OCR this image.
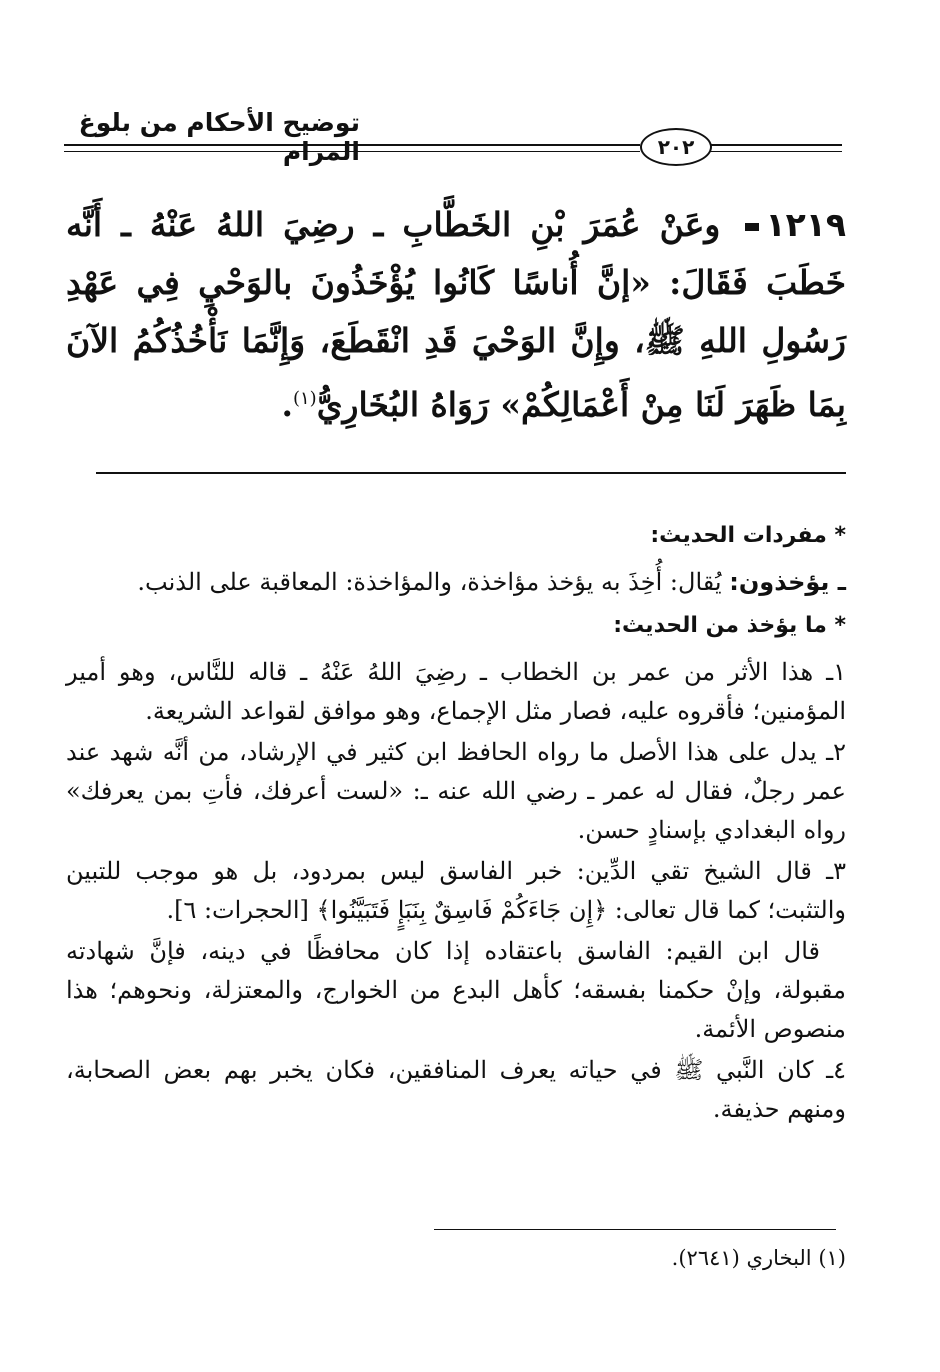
توضيح الأحكام من بلوغ المرام	٢٠٢
١٢١٩ وعَنْ عُمَرَ بْنِ الخَطَّابِ ـ رضِيَ اللهُ عَنْهُ ـ أَنَّه خَطَبَ فَقَالَ: «إنَّ أُناسًا كَانُوا يُؤْخَذُونَ بالوَحْيِ فِي عَهْدِ رَسُولِ اللهِ ﷺ، وإِنَّ الوَحْيَ قَدِ انْقَطَعَ، وَإِنَّمَا نَأْخُذُكُمُ الآنَ بِمَا ظَهَرَ لَنَا مِنْ أَعْمَالِكُمْ» رَوَاهُ البُخَارِيُّ$^{(١)}$.
* مفردات الحديث:

ـ يؤخذون: يُقال: أُخِذَ به يؤخذ مؤاخذة، والمؤاخذة: المعاقبة على الذنب.

* ما يؤخذ من الحديث:

١ـ هذا الأثر من عمر بن الخطاب ـ رضِيَ اللهُ عَنْهُ ـ قاله للنَّاس، وهو أمير المؤمنين؛ فأقروه عليه، فصار مثل الإجماع، وهو موافق لقواعد الشريعة.

٢ـ يدل على هذا الأصل ما رواه الحافظ ابن كثير في الإرشاد، من أنَّه شهد عند عمر رجلٌ، فقال له عمر ـ رضي الله عنه ـ: «لست أعرفك، فأتِ بمن يعرفك» رواه البغدادي بإسنادٍ حسن.

٣ـ قال الشيخ تقي الدِّين: خبر الفاسق ليس بمردود، بل هو موجب للتبين والتثبت؛ كما قال تعالى: ﴿إِن جَاءَكُمْ فَاسِقٌ بِنَبَإٍ فَتَبَيَّنُوا﴾ [الحجرات: ٦].

قال ابن القيم: الفاسق باعتقاده إذا كان محافظًا في دينه، فإنَّ شهادته مقبولة، وإنْ حكمنا بفسقه؛ كأهل البدع من الخوارج، والمعتزلة، ونحوهم؛ هذا منصوص الأئمة.

٤ـ كان النَّبي ﷺ في حياته يعرف المنافقين، فكان يخبر بهم بعض الصحابة، ومنهم حذيفة.

(١) البخاري (٢٦٤١).
